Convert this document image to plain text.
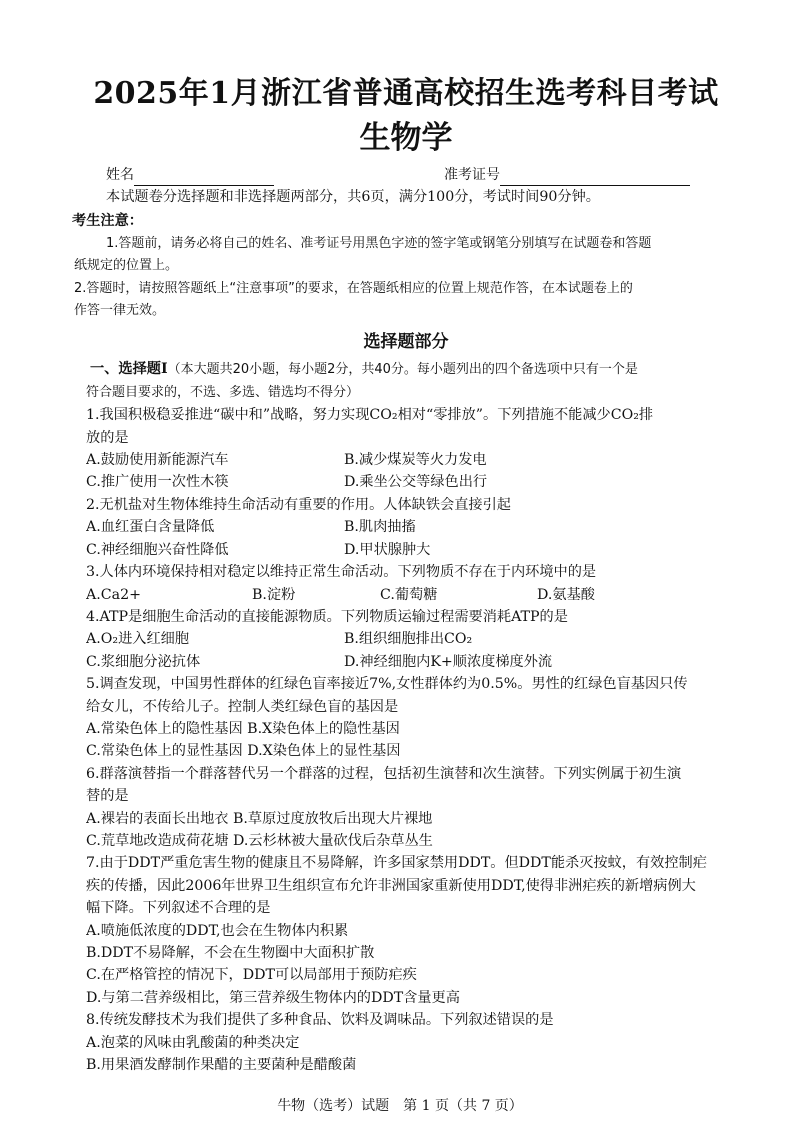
2025年1月浙江省普通高校招生选考科目考试
生物学
姓名	准考证号
本试题卷分选择题和非选择题两部分，共6页，满分100分，考试时间90分钟。
考生注意：
1.答题前，请务必将自己的姓名、准考证号用黑色字迹的签字笔或钢笔分别填写在试题卷和答题
纸规定的位置上。
2.答题时，请按照答题纸上“注意事项”的要求，在答题纸相应的位置上规范作答，在本试题卷上的
作答一律无效。
选择题部分
一、选择题Ⅰ（本大题共20小题，每小题2分，共40分。每小题列出的四个备选项中只有一个是
符合题目要求的，不选、多选、错选均不得分）
1.我国积极稳妥推进“碳中和”战略，努力实现CO₂相对“零排放”。下列措施不能减少CO₂排
放的是
A.鼓励使用新能源汽车	B.减少煤炭等火力发电
C.推广使用一次性木筷	D.乘坐公交等绿色出行
2.无机盐对生物体维持生命活动有重要的作用。人体缺铁会直接引起
A.血红蛋白含量降低	B.肌肉抽搐
C.神经细胞兴奋性降低	D.甲状腺肿大
3.人体内环境保持相对稳定以维持正常生命活动。下列物质不存在于内环境中的是
A.Ca2+	B.淀粉	C.葡萄糖	D.氨基酸
4.ATP是细胞生命活动的直接能源物质。下列物质运输过程需要消耗ATP的是
A.O₂进入红细胞	B.组织细胞排出CO₂
C.浆细胞分泌抗体	D.神经细胞内K+顺浓度梯度外流
5.调查发现，中国男性群体的红绿色盲率接近7%,女性群体约为0.5%。男性的红绿色盲基因只传
给女儿，不传给儿子。控制人类红绿色盲的基因是
A.常染色体上的隐性基因 B.X染色体上的隐性基因
C.常染色体上的显性基因 D.X染色体上的显性基因
6.群落演替指一个群落替代另一个群落的过程，包括初生演替和次生演替。下列实例属于初生演
替的是
A.裸岩的表面长出地衣 B.草原过度放牧后出现大片裸地
C.荒草地改造成荷花塘 D.云杉林被大量砍伐后杂草丛生
7.由于DDT严重危害生物的健康且不易降解，许多国家禁用DDT。但DDT能杀灭按蚊，有效控制疟
疾的传播，因此2006年世界卫生组织宣布允许非洲国家重新使用DDT,使得非洲疟疾的新增病例大
幅下降。下列叙述不合理的是
A.喷施低浓度的DDT,也会在生物体内积累
B.DDT不易降解，不会在生物圈中大面积扩散
C.在严格管控的情况下，DDT可以局部用于预防疟疾
D.与第二营养级相比，第三营养级生物体内的DDT含量更高
8.传统发酵技术为我们提供了多种食品、饮料及调味品。下列叙述错误的是
A.泡菜的风味由乳酸菌的种类决定
B.用果酒发酵制作果醋的主要菌种是醋酸菌
牛物（选考）试题　第 1 页（共 7 页）
